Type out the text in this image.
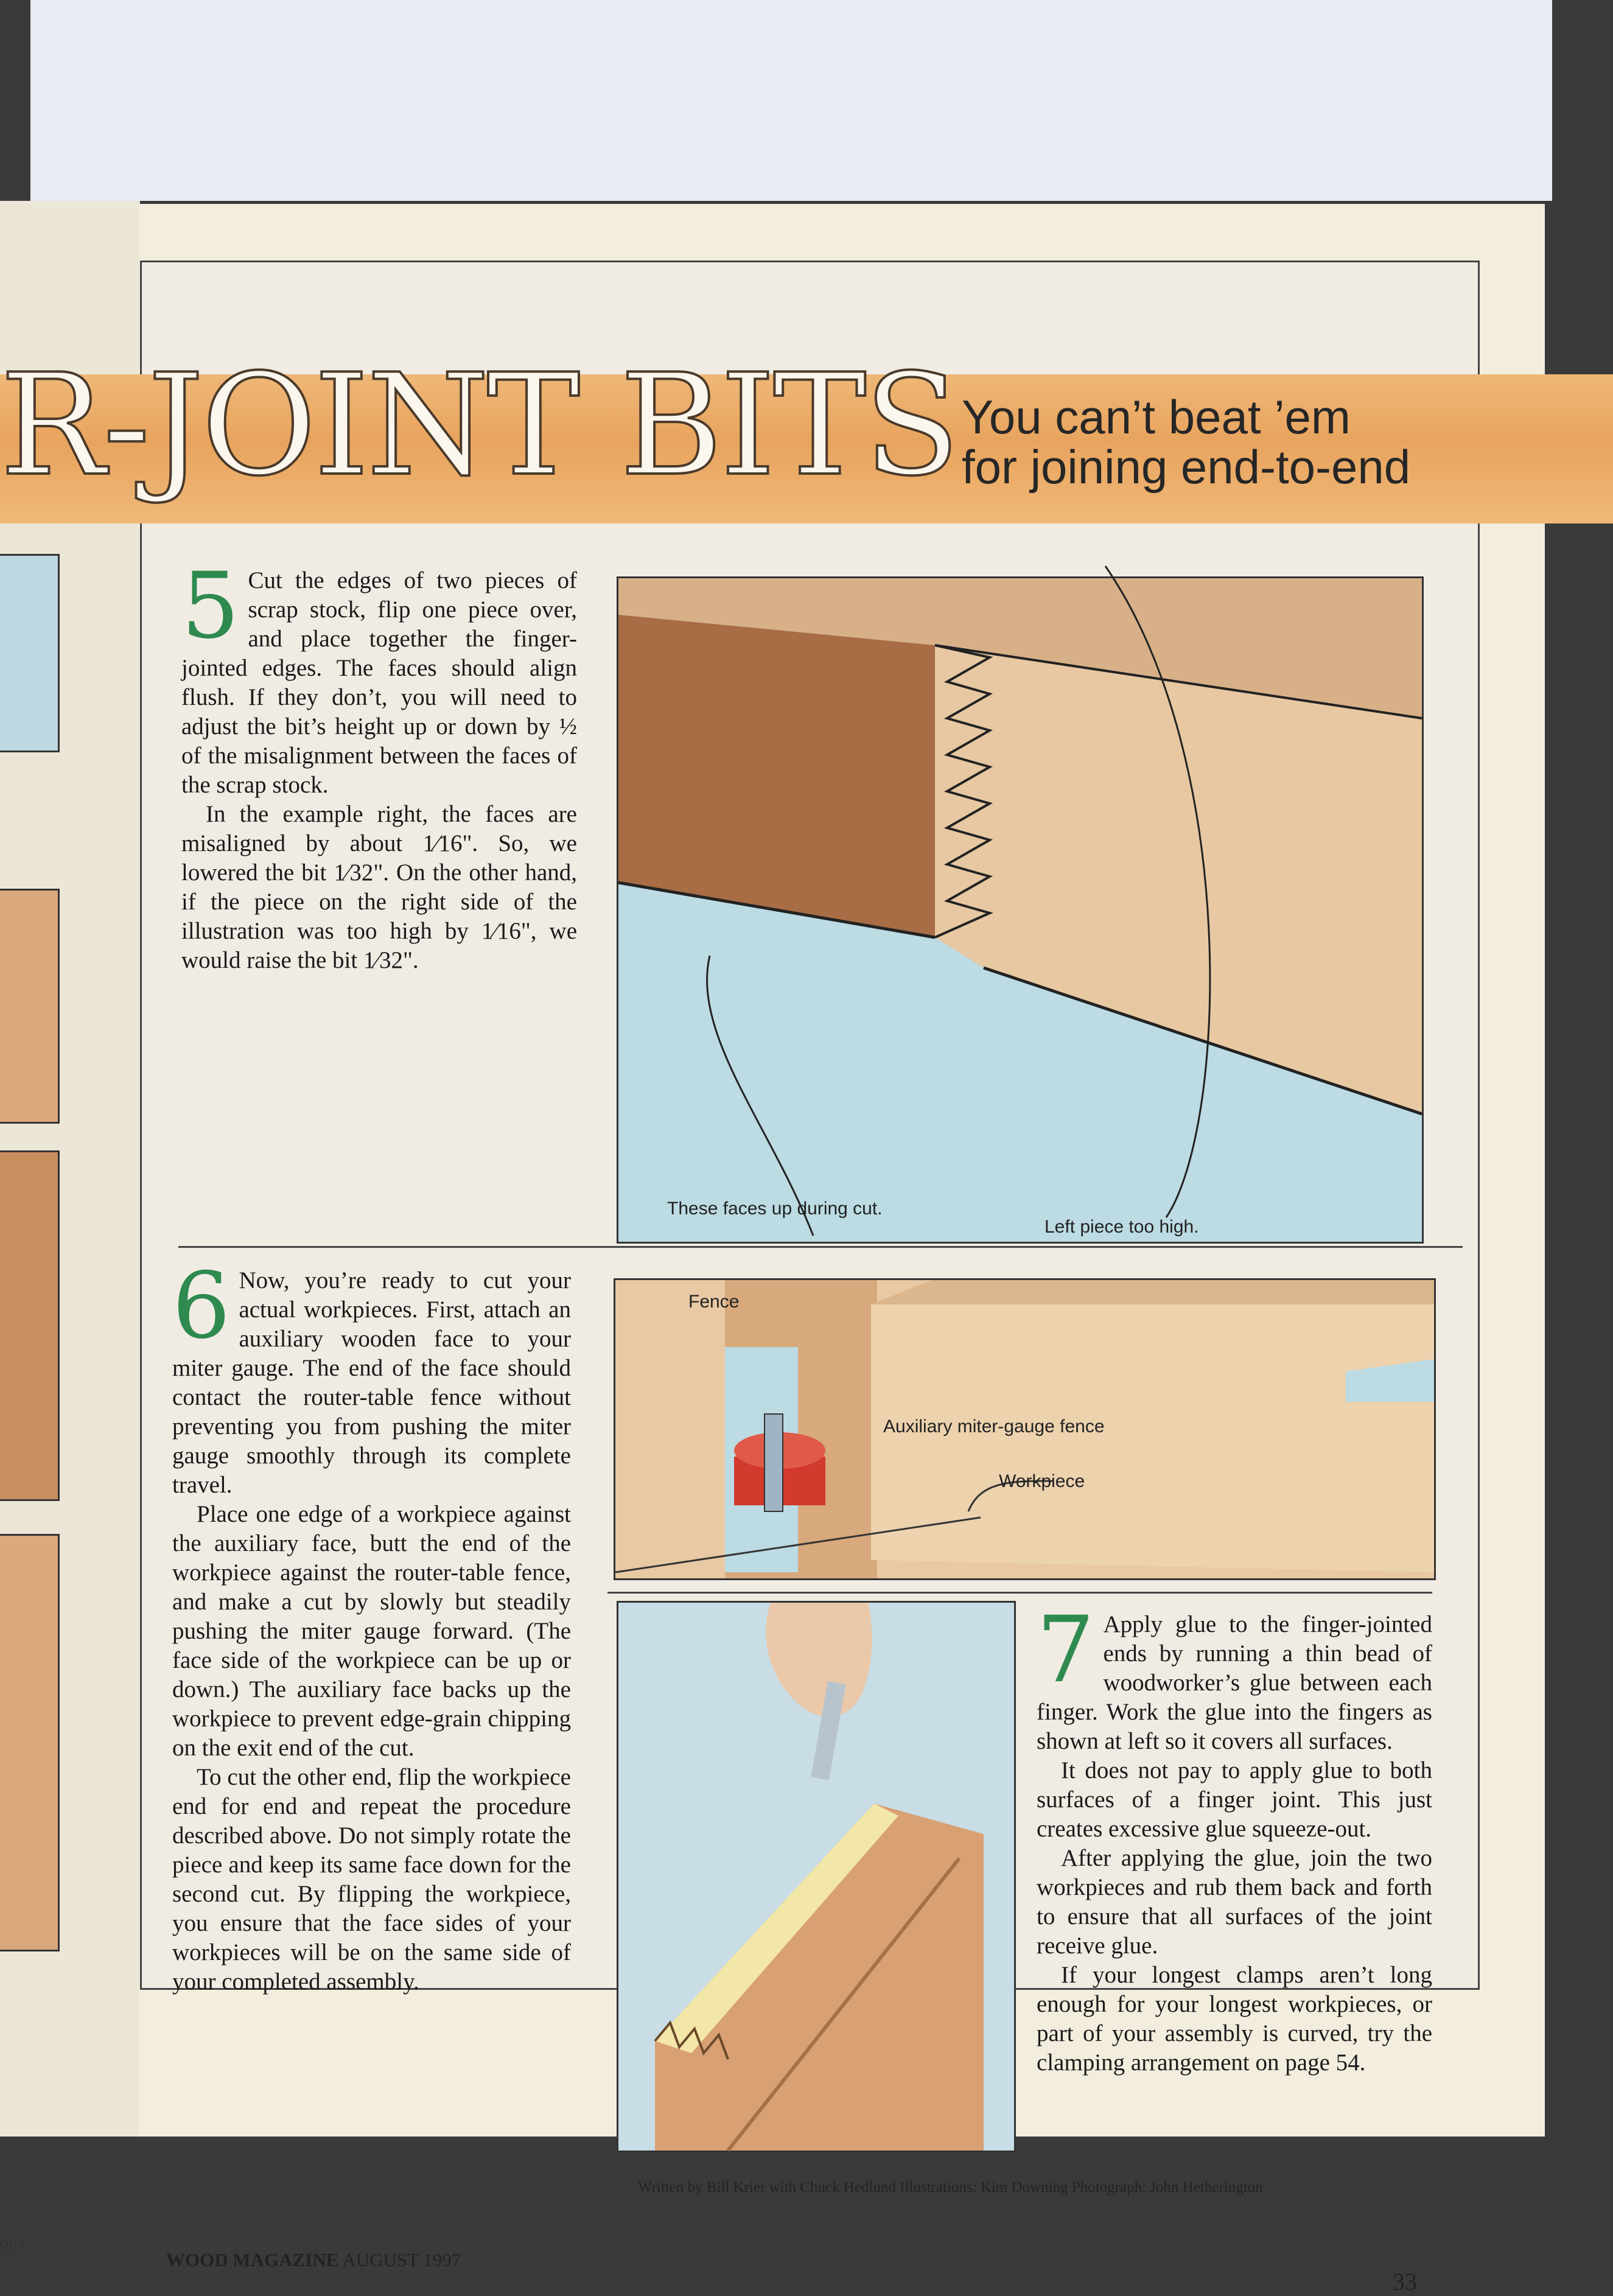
997
R-JOINT BITS You can’t beat ’em
for joining end-to-end
5 Cut the edges of two pieces of scrap stock, flip one piece over, and place together the finger-jointed edges. The faces should align flush. If they don’t, you will need to adjust the bit’s height up or down by ½ of the misalignment between the faces of the scrap stock.

In the example right, the faces are misaligned by about 1⁄16". So, we lowered the bit 1⁄32". On the other hand, if the piece on the right side of the illustration was too high by 1⁄16", we would raise the bit 1⁄32".

These faces up during cut.
Left piece too high.
6 Now, you’re ready to cut your actual workpieces. First, attach an auxiliary wooden face to your miter gauge. The end of the face should contact the router-table fence without preventing you from pushing the miter gauge smoothly through its complete travel.

Place one edge of a workpiece against the auxiliary face, butt the end of the workpiece against the router-table fence, and make a cut by slowly but steadily pushing the miter gauge forward. (The face side of the workpiece can be up or down.) The auxiliary face backs up the workpiece to prevent edge-grain chipping on the exit end of the cut.

To cut the other end, flip the workpiece end for end and repeat the procedure described above. Do not simply rotate the piece and keep its same face down for the second cut. By flipping the workpiece, you ensure that the face sides of your workpieces will be on the same side of your completed assembly.

Fence
Auxiliary miter-gauge fence
Workpiece
7 Apply glue to the finger-jointed ends by running a thin bead of woodworker’s glue between each finger. Work the glue into the fingers as shown at left so it covers all surfaces.

It does not pay to apply glue to both surfaces of a finger joint. This just creates excessive glue squeeze-out.

After applying the glue, join the two workpieces and rub them back and forth to ensure that all surfaces of the joint receive glue.

If your longest clamps aren’t long enough for your longest workpieces, or part of your assembly is curved, try the clamping arrangement on page 54.

Written by Bill Krier with Chuck Hedlund Illustrations: Kim Downing Photograph: John Hetherington
WOOD MAGAZINE AUGUST 1997
33
